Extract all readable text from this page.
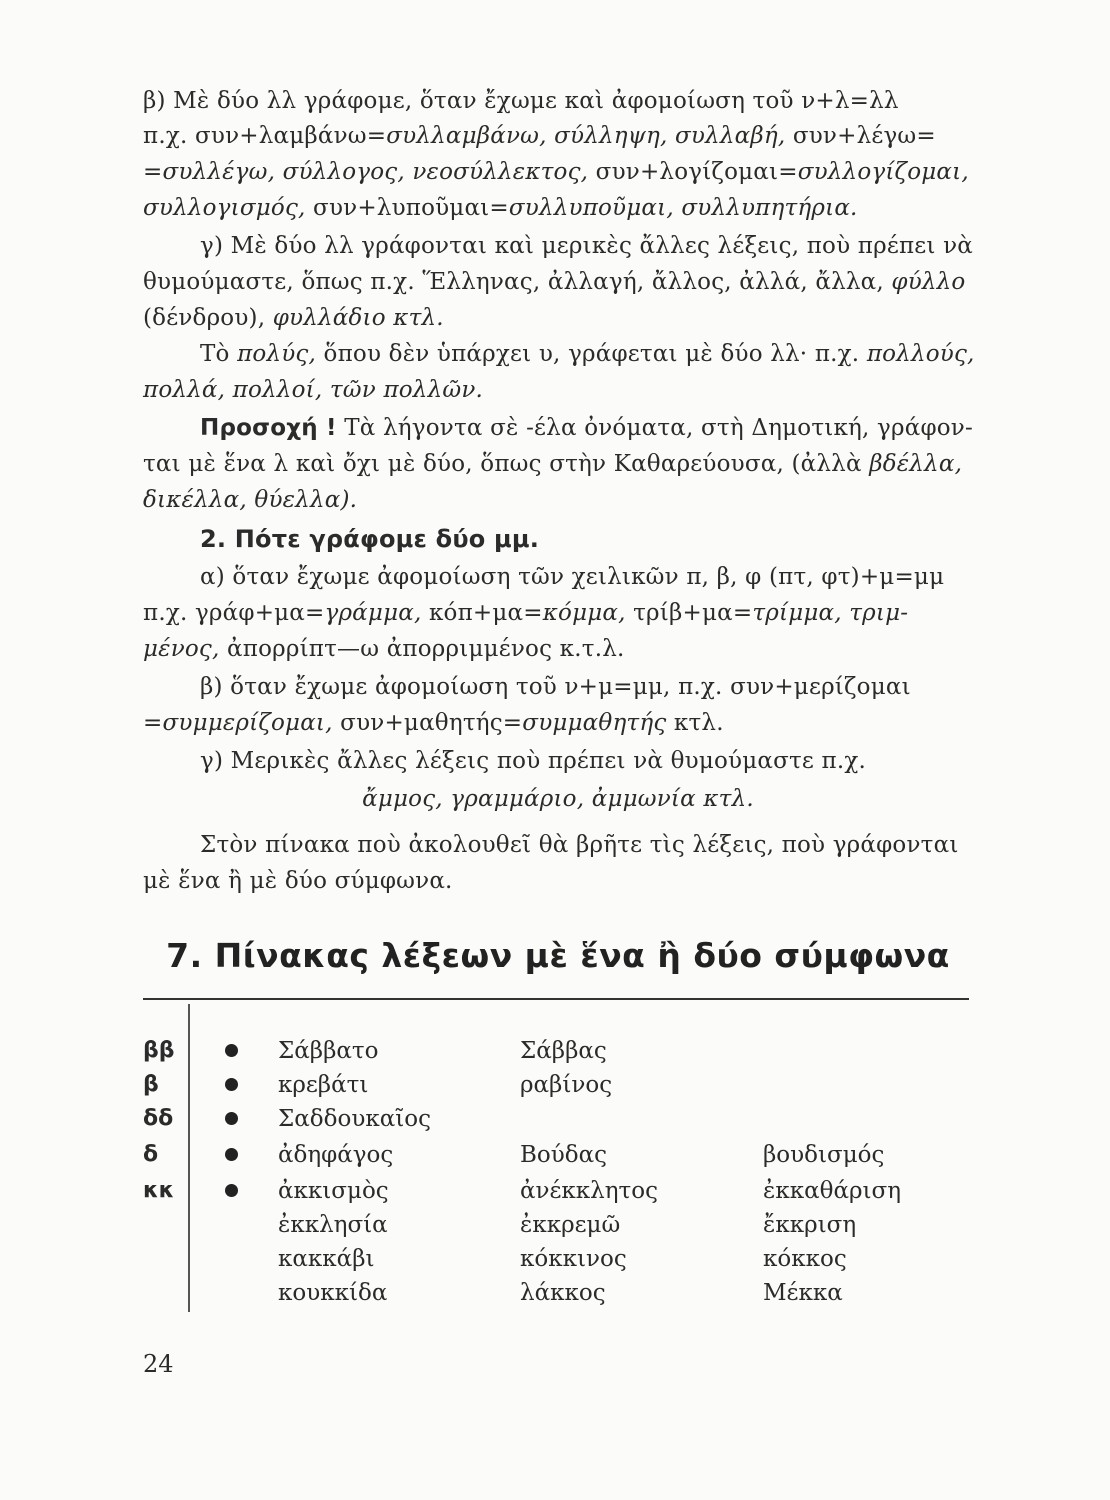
β) Μὲ δύο λλ γράφομε, ὅταν ἔχωμε καὶ ἀφομοίωση τοῦ ν+λ=λλ
π.χ. συν+λαμβάνω=συλλαμβάνω, σύλληψη, συλλαβή, συν+λέγω=
=συλλέγω, σύλλογος, νεοσύλλεκτος, συν+λογίζομαι=συλλογίζομαι,
συλλογισμός, συν+λυποῦμαι=συλλυποῦμαι, συλλυπητήρια.
γ) Μὲ δύο λλ γράφονται καὶ μερικὲς ἄλλες λέξεις, ποὺ πρέπει νὰ
θυμούμαστε, ὅπως π.χ. Ἕλληνας, ἀλλαγή, ἄλλος, ἀλλά, ἄλλα, φύλλο
(δένδρου), φυλλάδιο κτλ.
Τὸ πολύς, ὅπου δὲν ὑπάρχει υ, γράφεται μὲ δύο λλ· π.χ. πολλούς,
πολλά, πολλοί, τῶν πολλῶν.
Προσοχή ! Τὰ λήγοντα σὲ -έλα ὀνόματα, στὴ Δημοτική, γράφον-
ται μὲ ἕνα λ καὶ ὄχι μὲ δύο, ὅπως στὴν Καθαρεύουσα, (ἀλλὰ βδέλλα,
δικέλλα, θύελλα).
2. Πότε γράφομε δύο μμ.
α) ὅταν ἔχωμε ἀφομοίωση τῶν χειλικῶν π, β, φ (πτ, φτ)+μ=μμ
π.χ. γράφ+μα=γράμμα, κόπ+μα=κόμμα, τρίβ+μα=τρίμμα, τριμ-
μένος, ἀπορρίπτ—ω ἀπορριμμένος κ.τ.λ.
β) ὅταν ἔχωμε ἀφομοίωση τοῦ ν+μ=μμ, π.χ. συν+μερίζομαι
=συμμερίζομαι, συν+μαθητής=συμμαθητής κτλ.
γ) Μερικὲς ἄλλες λέξεις ποὺ πρέπει νὰ θυμούμαστε π.χ.
ἄμμος, γραμμάριο, ἀμμωνία κτλ.
Στὸν πίνακα ποὺ ἀκολουθεῖ θὰ βρῆτε τὶς λέξεις, ποὺ γράφονται
μὲ ἕνα ἢ μὲ δύο σύμφωνα.
7. Πίνακας λέξεων μὲ ἕνα ἢ δύο σύμφωνα
ββ	Σάββατο	Σάββας
β	κρεβάτι	ραβίνος
δδ	Σαδδουκαῖος
δ	ἀδηφάγος	Βούδας	βουδισμός
κκ	ἀκκισμὸς	ἀνέκκλητος	ἐκκαθάριση
ἐκκλησία	ἐκκρεμῶ	ἔκκριση
κακκάβι	κόκκινος	κόκκος
κουκκίδα	λάκκος	Μέκκα
24
